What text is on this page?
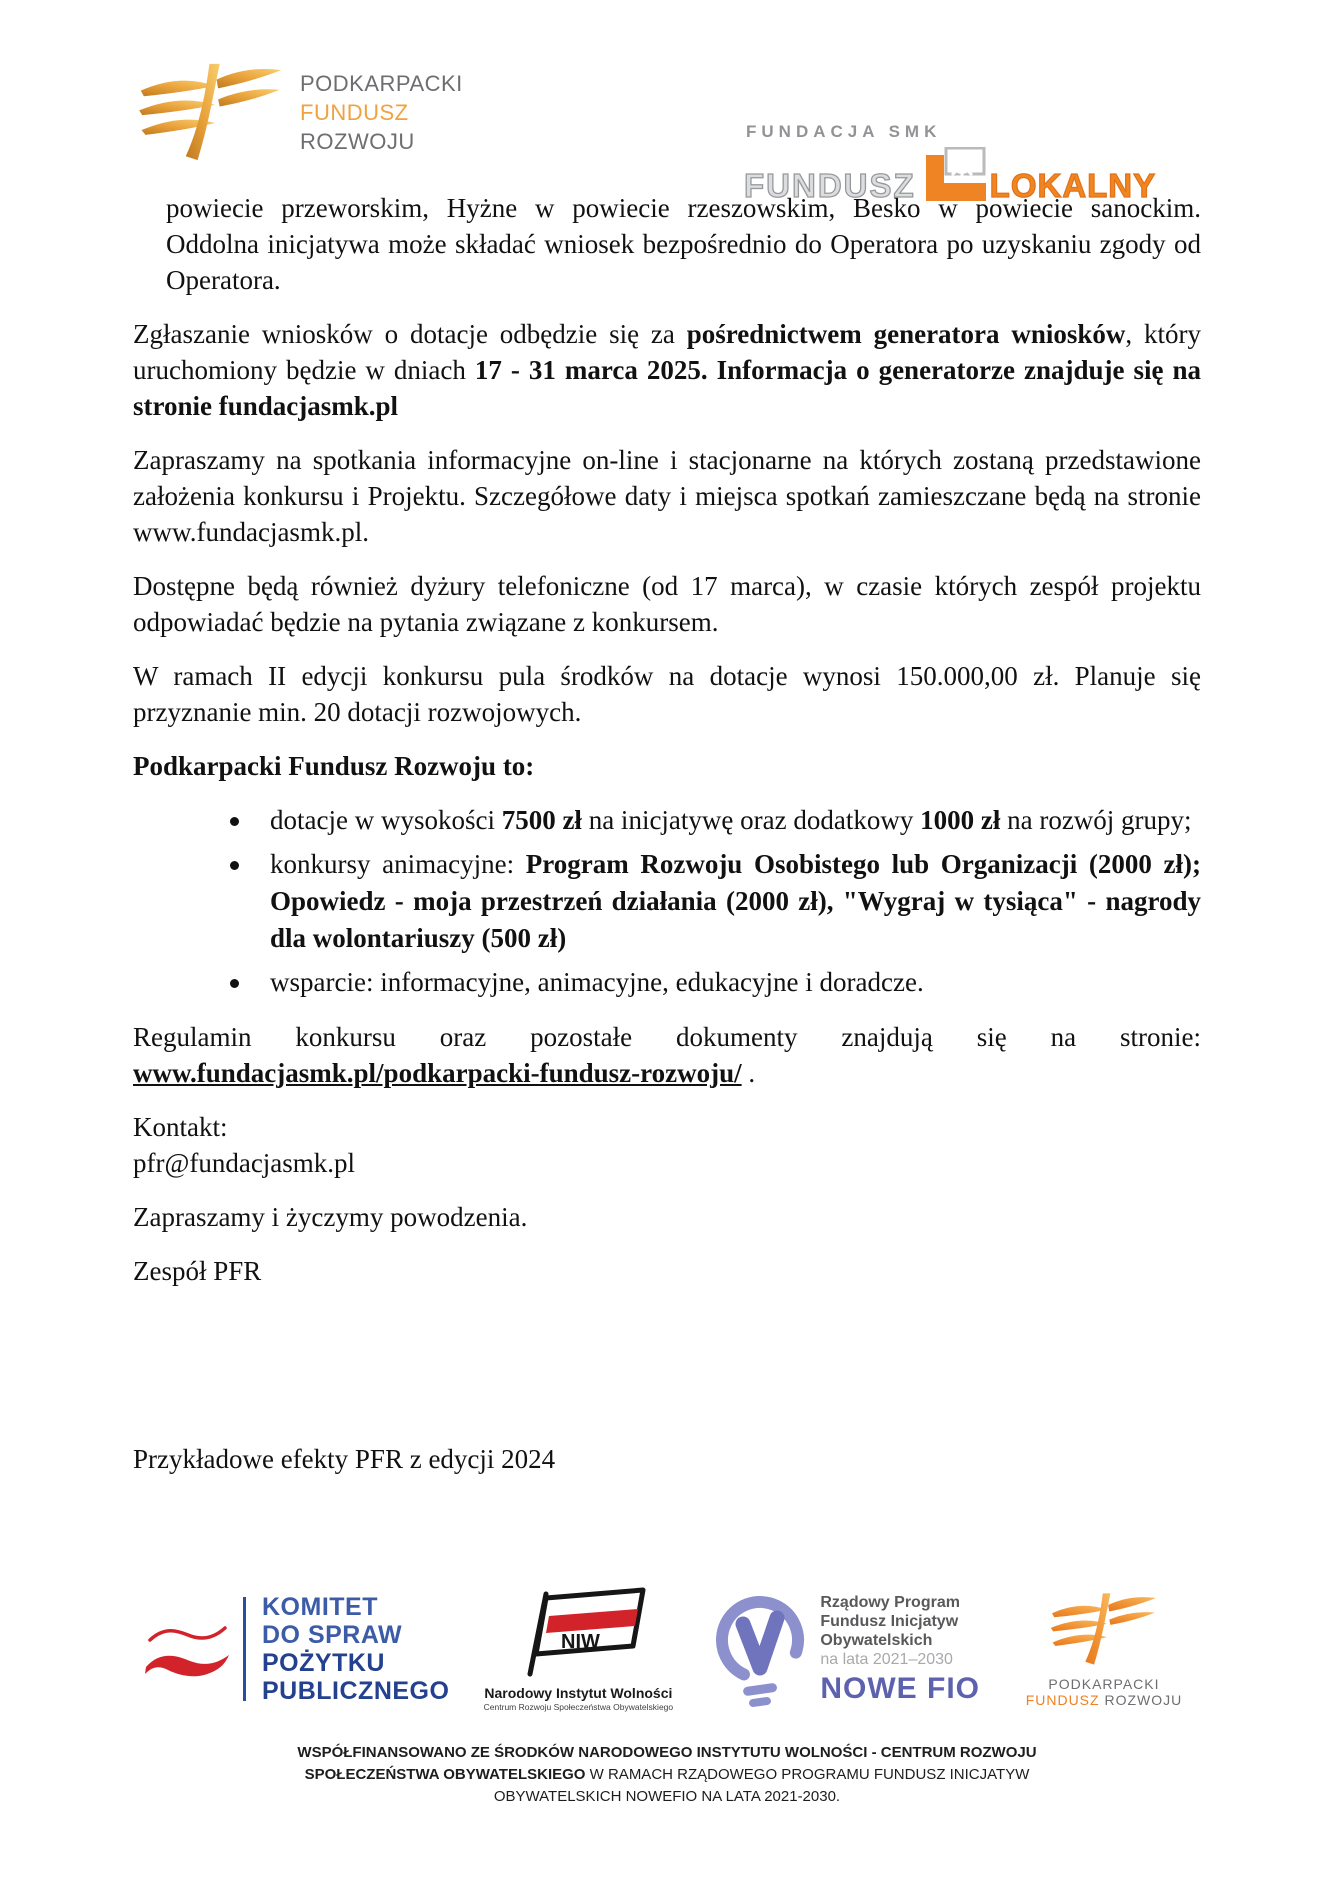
PODKARPACKI
FUNDUSZ
ROZWOJU	FUNDACJA SMK
FUNDUSZ LOKALNY

powiecie przeworskim, Hyżne w powiecie rzeszowskim, Besko w powiecie sanockim. Oddolna inicjatywa może składać wniosek bezpośrednio do Operatora po uzyskaniu zgody od Operatora.

Zgłaszanie wniosków o dotacje odbędzie się za pośrednictwem generatora wniosków, który uruchomiony będzie w dniach 17 - 31 marca 2025. Informacja o generatorze znajduje się na stronie fundacjasmk.pl

Zapraszamy na spotkania informacyjne on-line i stacjonarne na których zostaną przedstawione założenia konkursu i Projektu. Szczegółowe daty i miejsca spotkań zamieszczane będą na stronie www.fundacjasmk.pl.

Dostępne będą również dyżury telefoniczne (od 17 marca), w czasie których zespół projektu odpowiadać będzie na pytania związane z konkursem.

W ramach II edycji konkursu pula środków na dotacje wynosi 150.000,00 zł. Planuje się przyznanie min. 20 dotacji rozwojowych.

Podkarpacki Fundusz Rozwoju to:

dotacje w wysokości 7500 zł na inicjatywę oraz dodatkowy 1000 zł na rozwój grupy;
konkursy animacyjne: Program Rozwoju Osobistego lub Organizacji (2000 zł); Opowiedz - moja przestrzeń działania (2000 zł), "Wygraj w tysiąca" - nagrody dla wolontariuszy (500 zł)
wsparcie: informacyjne, animacyjne, edukacyjne i doradcze.

Regulamin konkursu oraz pozostałe dokumenty znajdują się na stronie: www.fundacjasmk.pl/podkarpacki-fundusz-rozwoju/ .

Kontakt:
pfr@fundacjasmk.pl

Zapraszamy i życzymy powodzenia.

Zespół PFR

Przykładowe efekty PFR z edycji 2024

KOMITET
DO SPRAW
POŻYTKU
PUBLICZNEGO
NIW
Narodowy Instytut Wolności
Centrum Rozwoju Społeczeństwa Obywatelskiego
Rządowy Program
Fundusz Inicjatyw
Obywatelskich
na lata 2021–2030
NOWE FIO	PODKARPACKI
FUNDUSZ ROZWOJU
WSPÓŁFINANSOWANO ZE ŚRODKÓW NARODOWEGO INSTYTUTU WOLNOŚCI - CENTRUM ROZWOJU SPOŁECZEŃSTWA OBYWATELSKIEGO W RAMACH RZĄDOWEGO PROGRAMU FUNDUSZ INICJATYW OBYWATELSKICH NOWEFIO NA LATA 2021-2030.
